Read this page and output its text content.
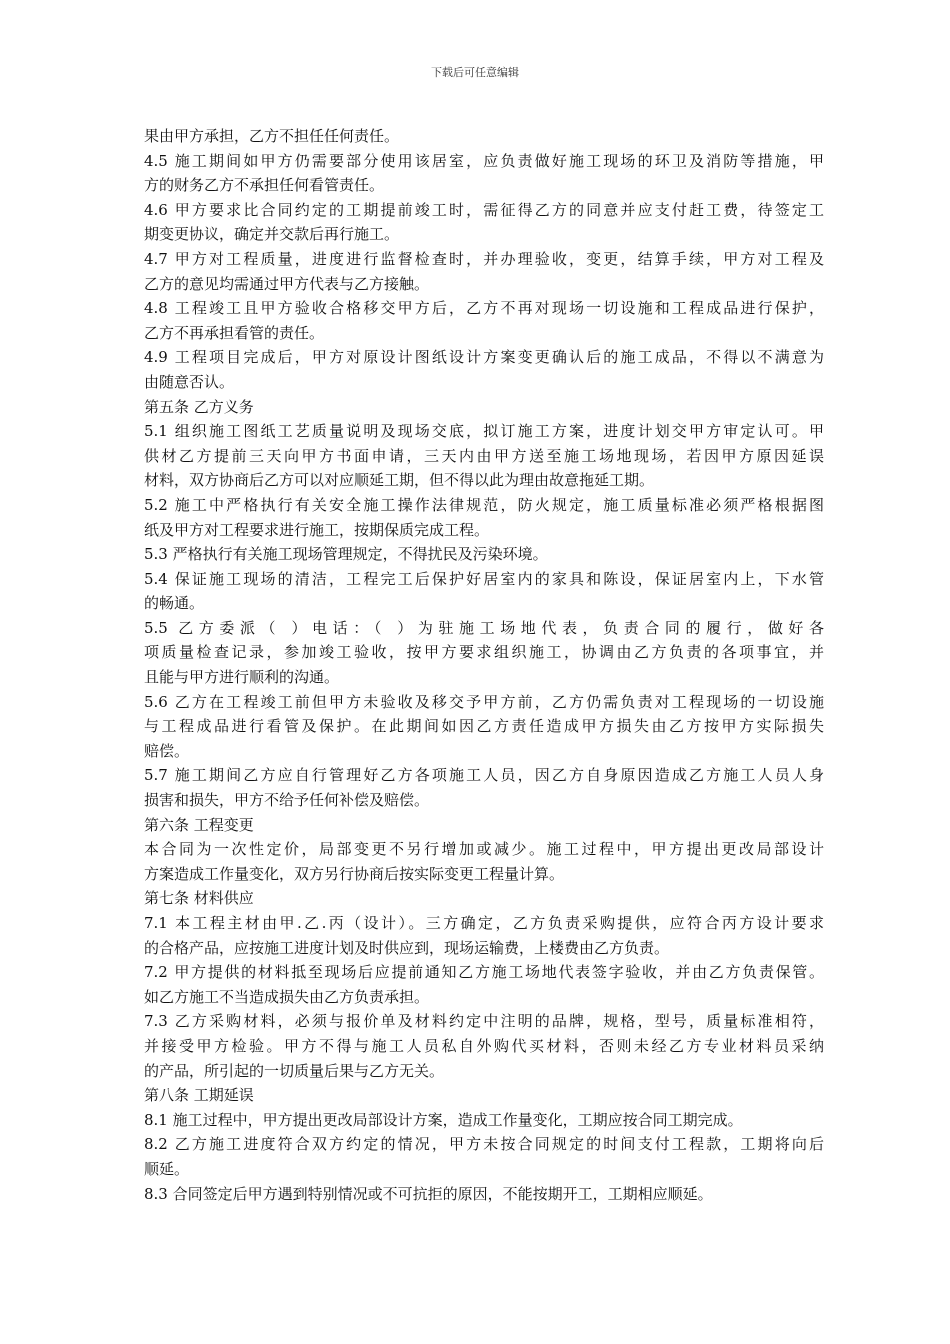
下载后可任意编辑
果由甲方承担，乙方不担任任何责任。
4.5 施工期间如甲方仍需要部分使用该居室，应负责做好施工现场的环卫及消防等措施，甲
方的财务乙方不承担任何看管责任。
4.6 甲方要求比合同约定的工期提前竣工时，需征得乙方的同意并应支付赶工费，待签定工
期变更协议，确定并交款后再行施工。
4.7 甲方对工程质量，进度进行监督检查时，并办理验收，变更，结算手续，甲方对工程及
乙方的意见均需通过甲方代表与乙方接触。
4.8 工程竣工且甲方验收合格移交甲方后，乙方不再对现场一切设施和工程成品进行保护，
乙方不再承担看管的责任。
4.9 工程项目完成后，甲方对原设计图纸设计方案变更确认后的施工成品，不得以不满意为
由随意否认。
第五条 乙方义务
5.1 组织施工图纸工艺质量说明及现场交底，拟订施工方案，进度计划交甲方审定认可。甲
供材乙方提前三天向甲方书面申请，三天内由甲方送至施工场地现场，若因甲方原因延误
材料，双方协商后乙方可以对应顺延工期，但不得以此为理由故意拖延工期。
5.2 施工中严格执行有关安全施工操作法律规范，防火规定，施工质量标准必须严格根据图
纸及甲方对工程要求进行施工，按期保质完成工程。
5.3 严格执行有关施工现场管理规定，不得扰民及污染环境。
5.4 保证施工现场的清洁，工程完工后保护好居室内的家具和陈设，保证居室内上，下水管
的畅通。
5.5 乙方委派（ ）电话：（ ）为驻施工场地代表，负责合同的履行，做好各
项质量检查记录，参加竣工验收，按甲方要求组织施工，协调由乙方负责的各项事宜，并
且能与甲方进行顺利的沟通。
5.6 乙方在工程竣工前但甲方未验收及移交予甲方前，乙方仍需负责对工程现场的一切设施
与工程成品进行看管及保护。在此期间如因乙方责任造成甲方损失由乙方按甲方实际损失
赔偿。
5.7 施工期间乙方应自行管理好乙方各项施工人员，因乙方自身原因造成乙方施工人员人身
损害和损失，甲方不给予任何补偿及赔偿。
第六条 工程变更
本合同为一次性定价，局部变更不另行增加或减少。施工过程中，甲方提出更改局部设计
方案造成工作量变化，双方另行协商后按实际变更工程量计算。
第七条 材料供应
7.1 本工程主材由甲.乙.丙（设计）。三方确定，乙方负责采购提供，应符合丙方设计要求
的合格产品，应按施工进度计划及时供应到，现场运输费，上楼费由乙方负责。
7.2 甲方提供的材料抵至现场后应提前通知乙方施工场地代表签字验收，并由乙方负责保管。
如乙方施工不当造成损失由乙方负责承担。
7.3 乙方采购材料，必须与报价单及材料约定中注明的品牌，规格，型号，质量标准相符，
并接受甲方检验。甲方不得与施工人员私自外购代买材料，否则未经乙方专业材料员采纳
的产品，所引起的一切质量后果与乙方无关。
第八条 工期延误
8.1 施工过程中，甲方提出更改局部设计方案，造成工作量变化，工期应按合同工期完成。
8.2 乙方施工进度符合双方约定的情况，甲方未按合同规定的时间支付工程款，工期将向后
顺延。
8.3 合同签定后甲方遇到特别情况或不可抗拒的原因，不能按期开工，工期相应顺延。
